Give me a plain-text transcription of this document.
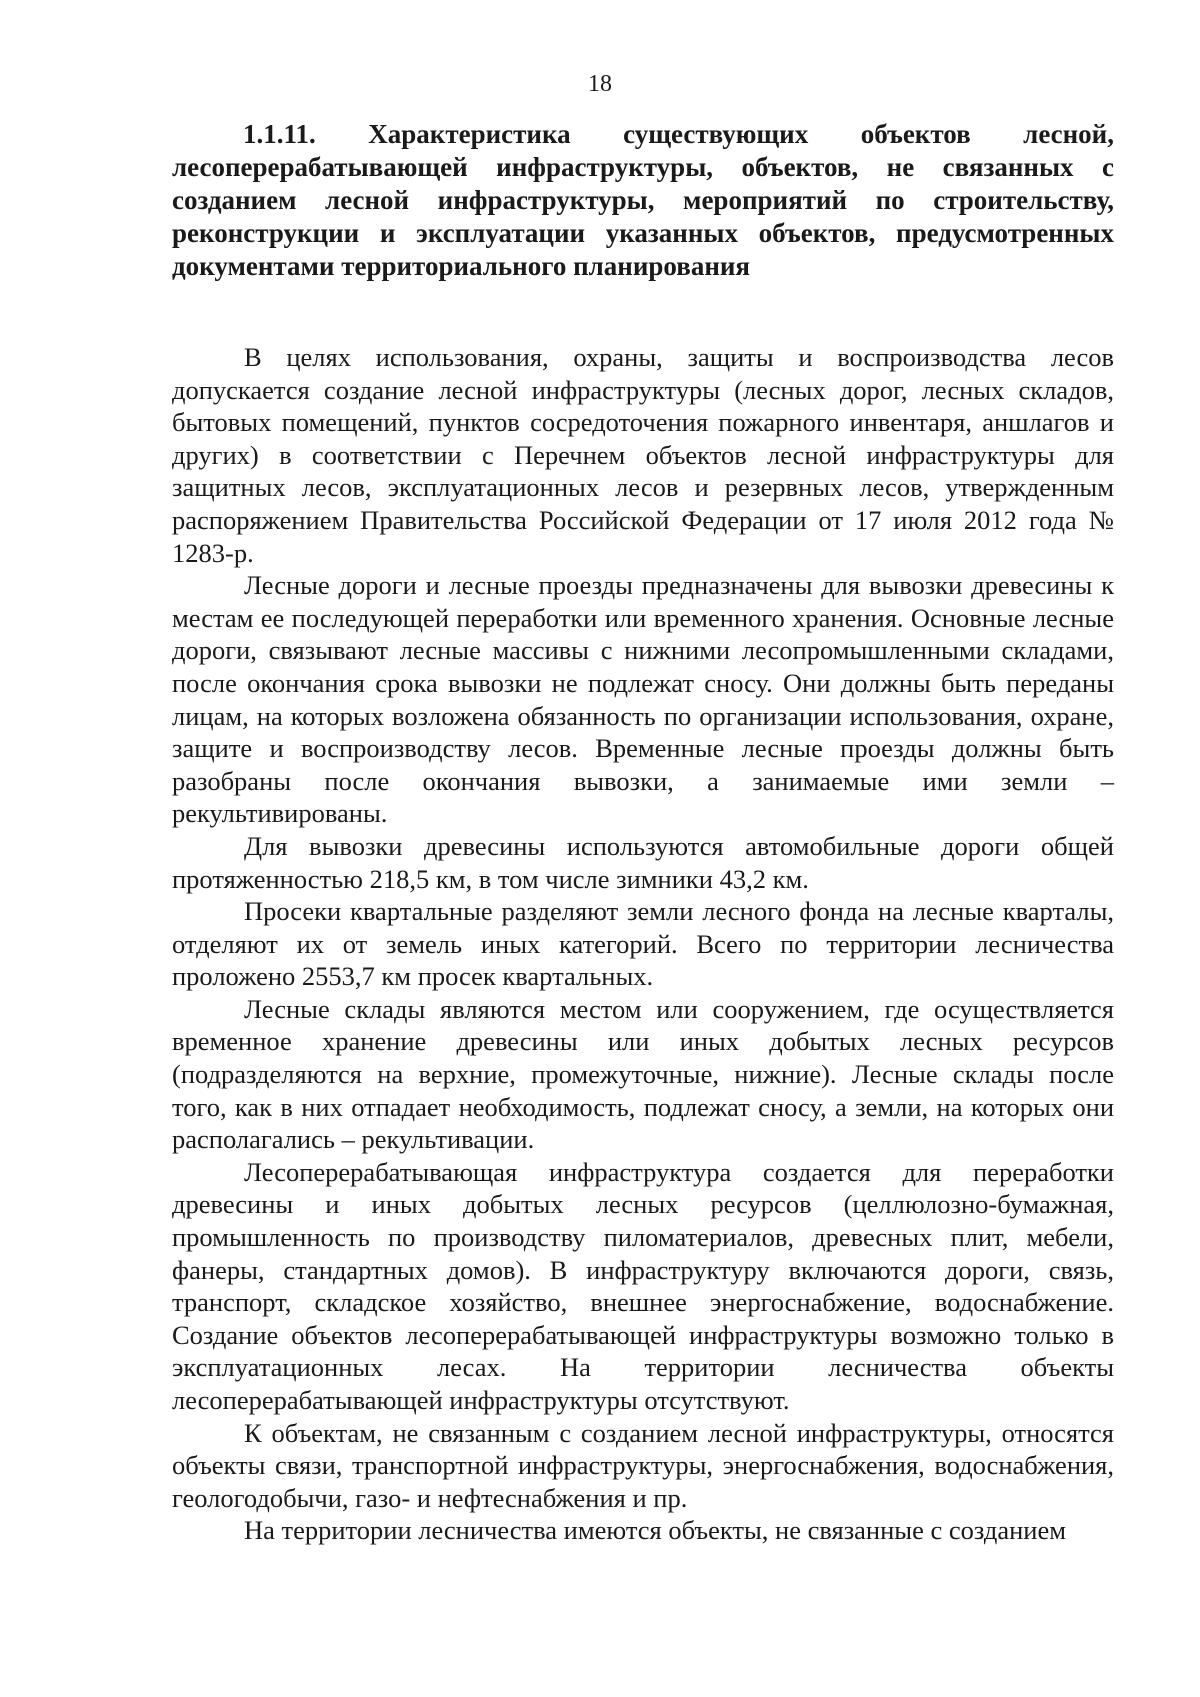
18
1.1.11. Характеристика существующих объектов лесной, лесоперерабатывающей инфраструктуры, объектов, не связанных с созданием лесной инфраструктуры, мероприятий по строительству, реконструкции и эксплуатации указанных объектов, предусмотренных документами территориального планирования

В целях использования, охраны, защиты и воспроизводства лесов допускается создание лесной инфраструктуры (лесных дорог, лесных складов, бытовых помещений, пунктов сосредоточения пожарного инвентаря, аншлагов и других) в соответствии с Перечнем объектов лесной инфраструктуры для защитных лесов, эксплуатационных лесов и резервных лесов, утвержденным распоряжением Правительства Российской Федерации от 17 июля 2012 года № 1283-р.

Лесные дороги и лесные проезды предназначены для вывозки древесины к местам ее последующей переработки или временного хранения. Основные лесные дороги, связывают лесные массивы с нижними лесопромышленными складами, после окончания срока вывозки не подлежат сносу. Они должны быть переданы лицам, на которых возложена обязанность по организации использования, охране, защите и воспроизводству лесов. Временные лесные проезды должны быть разобраны после окончания вывозки, а занимаемые ими земли – рекультивированы.

Для вывозки древесины используются автомобильные дороги общей протяженностью 218,5 км, в том числе зимники 43,2 км.

Просеки квартальные разделяют земли лесного фонда на лесные кварталы, отделяют их от земель иных категорий. Всего по территории лесничества проложено 2553,7 км просек квартальных.

Лесные склады являются местом или сооружением, где осуществляется временное хранение древесины или иных добытых лесных ресурсов (подразделяются на верхние, промежуточные, нижние). Лесные склады после того, как в них отпадает необходимость, подлежат сносу, а земли, на которых они располагались – рекультивации.

Лесоперерабатывающая инфраструктура создается для переработки древесины и иных добытых лесных ресурсов (целлюлозно-бумажная, промышленность по производству пиломатериалов, древесных плит, мебели, фанеры, стандартных домов). В инфраструктуру включаются дороги, связь, транспорт, складское хозяйство, внешнее энергоснабжение, водоснабжение. Создание объектов лесоперерабатывающей инфраструктуры возможно только в эксплуатационных лесах. На территории лесничества объекты лесоперерабатывающей инфраструктуры отсутствуют.

К объектам, не связанным с созданием лесной инфраструктуры, относятся объекты связи, транспортной инфраструктуры, энергоснабжения, водоснабжения, геологодобычи, газо- и нефтеснабжения и пр.

На территории лесничества имеются объекты, не связанные с созданием
